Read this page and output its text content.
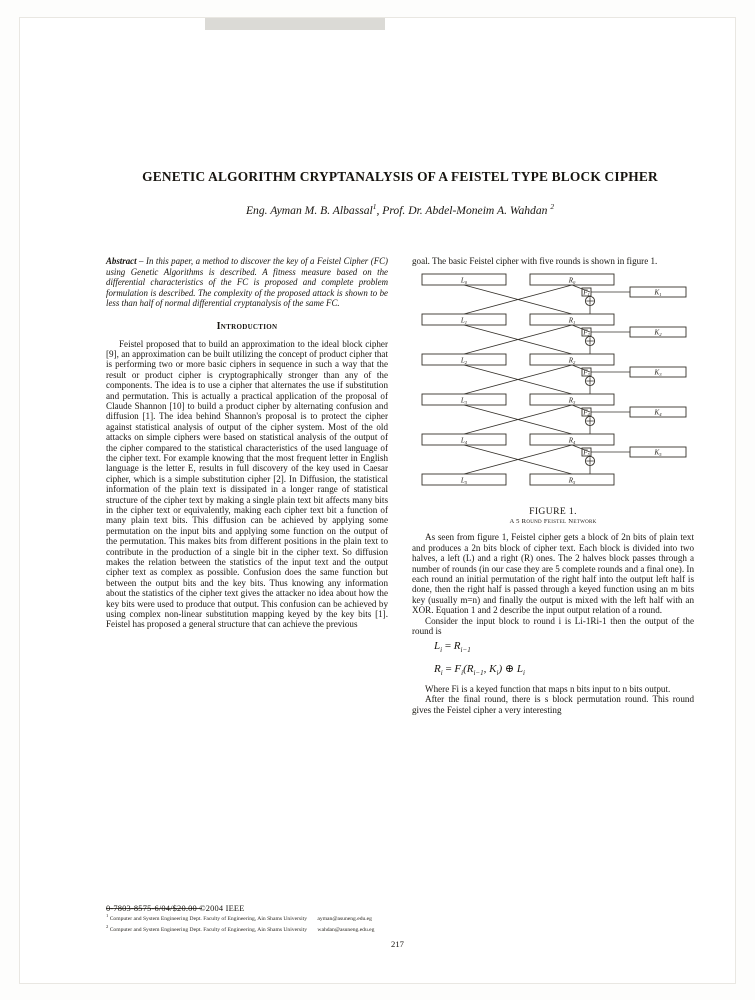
GENETIC ALGORITHM CRYPTANALYSIS OF A FEISTEL TYPE BLOCK CIPHER
Eng. Ayman M. B. Albassal$^1$, Prof. Dr. Abdel-Moneim A. Wahdan $^2$

Abstract – In this paper, a method to discover the key of a Feistel Cipher (FC) using Genetic Algorithms is described. A fitness measure based on the differential characteristics of the FC is proposed and complete problem formulation is described. The complexity of the proposed attack is shown to be less than half of normal differential cryptanalysis of the same FC.

Introduction

Feistel proposed that to build an approximation to the ideal block cipher [9], an approximation can be built utilizing the concept of product cipher that is performing two or more basic ciphers in sequence in such a way that the result or product cipher is cryptographically stronger than any of the components. The idea is to use a cipher that alternates the use if substitution and permutation. This is actually a practical application of the proposal of Claude Shannon [10] to build a product cipher by alternating confusion and diffusion [1]. The idea behind Shannon's proposal is to protect the cipher against statistical analysis of output of the cipher system. Most of the old attacks on simple ciphers were based on statistical analysis of the output of the cipher compared to the statistical characteristics of the used language of the cipher text. For example knowing that the most frequent letter in English language is the letter E, results in full discovery of the key used in Caesar cipher, which is a simple substitution cipher [2]. In Diffusion, the statistical information of the plain text is dissipated in a longer range of statistical structure of the cipher text by making a single plain text bit affects many bits in the cipher text or equivalently, making each cipher text bit a function of many plain text bits. This diffusion can be achieved by applying some permutation on the input bits and applying some function on the output of the permutation. This makes bits from different positions in the plain text to contribute in the production of a single bit in the cipher text. So diffusion makes the relation between the statistics of the input text and the output cipher text as complex as possible. Confusion does the same function but between the output bits and the key bits. Thus knowing any information about the statistics of the cipher text gives the attacker no idea about how the key bits were used to produce that output. This confusion can be achieved by using complex non-linear substitution mapping keyed by the key bits [1]. Feistel has proposed a general structure that can achieve the previous

$^1$ Computer and System Engineering Dept. Faculty of Engineering, Ain Shams University ayman@asuneng.edu.eg
$^2$ Computer and System Engineering Dept. Faculty of Engineering, Ain Shams University wahdan@asuneng.edu.eg

goal. The basic Feistel cipher with five rounds is shown in figure 1.

$L_0$	$R_0$
$F_1$	$K_1$
$L_1$	$R_1$
$F_2$	$K_2$
$L_2$	$R_2$
$F_3$	$K_3$
$L_3$	$R_3$
$F_4$	$K_4$
$L_4$	$R_4$
$F_5$	$K_5$
$L_5$	$R_5$
FIGURE 1.
A 5 Round Feistel Network

As seen from figure 1, Feistel cipher gets a block of 2n bits of plain text and produces a 2n bits block of cipher text. Each block is divided into two halves, a left (L) and a right (R) ones. The 2 halves block passes through a number of rounds (in our case they are 5 complete rounds and a final one). In each round an initial permutation of the right half into the output left half is done, then the right half is passed through a keyed function using an m bits key (usually m=n) and finally the output is mixed with the left half with an XOR. Equation 1 and 2 describe the input output relation of a round.

Consider the input block to round i is Li-1Ri-1 then the output of the round is

$L_i = R_{i-1}$
$R_i = F_i(R_{i-1}$, $K_i$) ⊕ $L_i$

Where Fi is a keyed function that maps n bits input to n bits output.

After the final round, there is s block permutation round. This round gives the Feistel cipher a very interesting

0-7803-8575-6/04/$20.00 ©2004 IEEE
217
